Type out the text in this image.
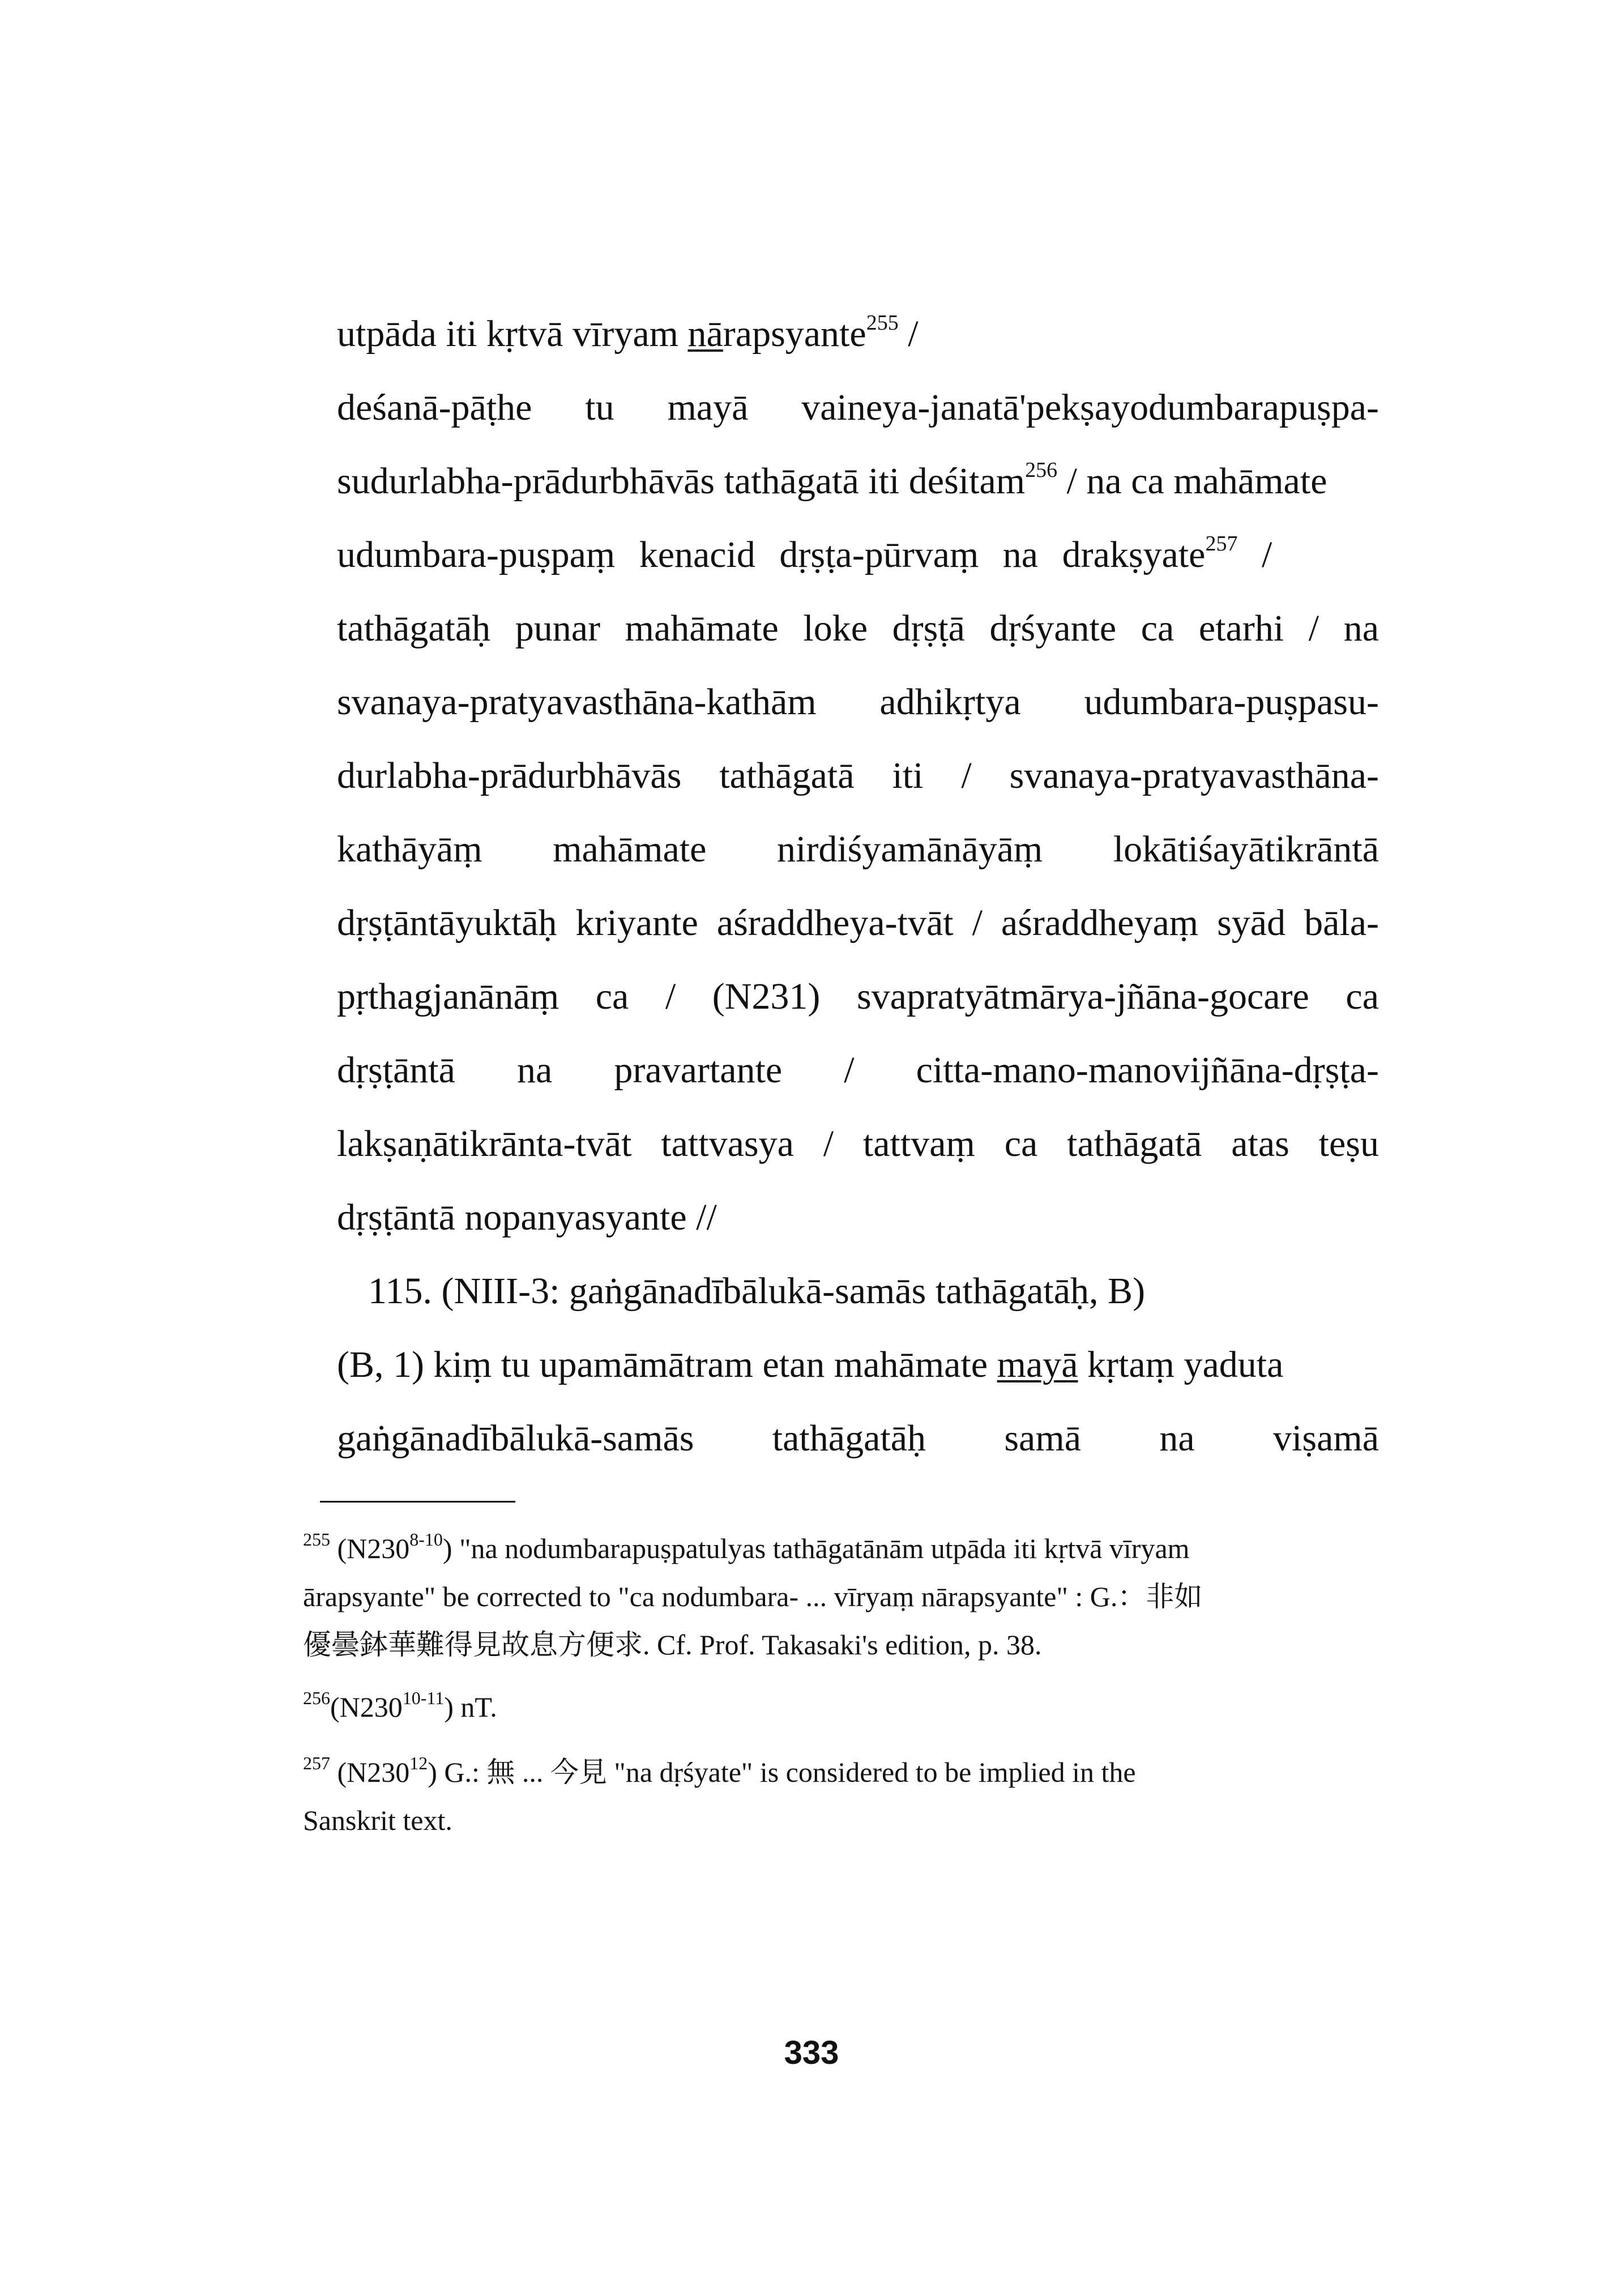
utpāda iti kṛtvā vīryam nārapsyante$^{255}$ /
deśanā-pāṭhe tu mayā vaineya-janatā'pekṣayodumbarapuṣpa-
sudurlabha-prādurbhāvās tathāgatā iti deśitam$^{256}$ / na ca mahāmate
udumbara-puṣpaṃ kenacid dṛṣṭa-pūrvaṃ na drakṣyate$^{257}$ /
tathāgatāḥ punar mahāmate loke dṛṣṭā dṛśyante ca etarhi / na
svanaya-pratyavasthāna-kathām adhikṛtya udumbara-puṣpasu-
durlabha-prādurbhāvās tathāgatā iti / svanaya-pratyavasthāna-
kathāyāṃ mahāmate nirdiśyamānāyāṃ lokātiśayātikrāntā
dṛṣṭāntāyuktāḥ kriyante aśraddheya-tvāt / aśraddheyaṃ syād bāla-
pṛthagjanānāṃ ca / (N231) svapratyātmārya-jñāna-gocare ca
dṛṣṭāntā na pravartante / citta-mano-manovijñāna-dṛṣṭa-
lakṣaṇātikrānta-tvāt tattvasya / tattvaṃ ca tathāgatā atas teṣu
dṛṣṭāntā nopanyasyante //
115. (NIII-3: gaṅgānadībālukā-samās tathāgatāḥ, B)
(B, 1) kiṃ tu upamāmātram etan mahāmate mayā kṛtaṃ yaduta
gaṅgānadībālukā-samās tathāgatāḥ samā na viṣamā
$^{255}$ (N230$^{8-10}$) "na nodumbarapuṣpatulyas tathāgatānām utpāda iti kṛtvā vīryam
ārapsyante" be corrected to "ca nodumbara- ... vīryaṃ nārapsyante" : G.：非如
優曇鉢華難得見故息方便求. Cf. Prof. Takasaki's edition, p. 38.
$^{256}$(N230$^{10-11}$) nT.
$^{257}$ $(N230^{12})$ G.: 無 ... 今見 "na dṛśyate" is considered to be implied in the
Sanskrit text.
333
